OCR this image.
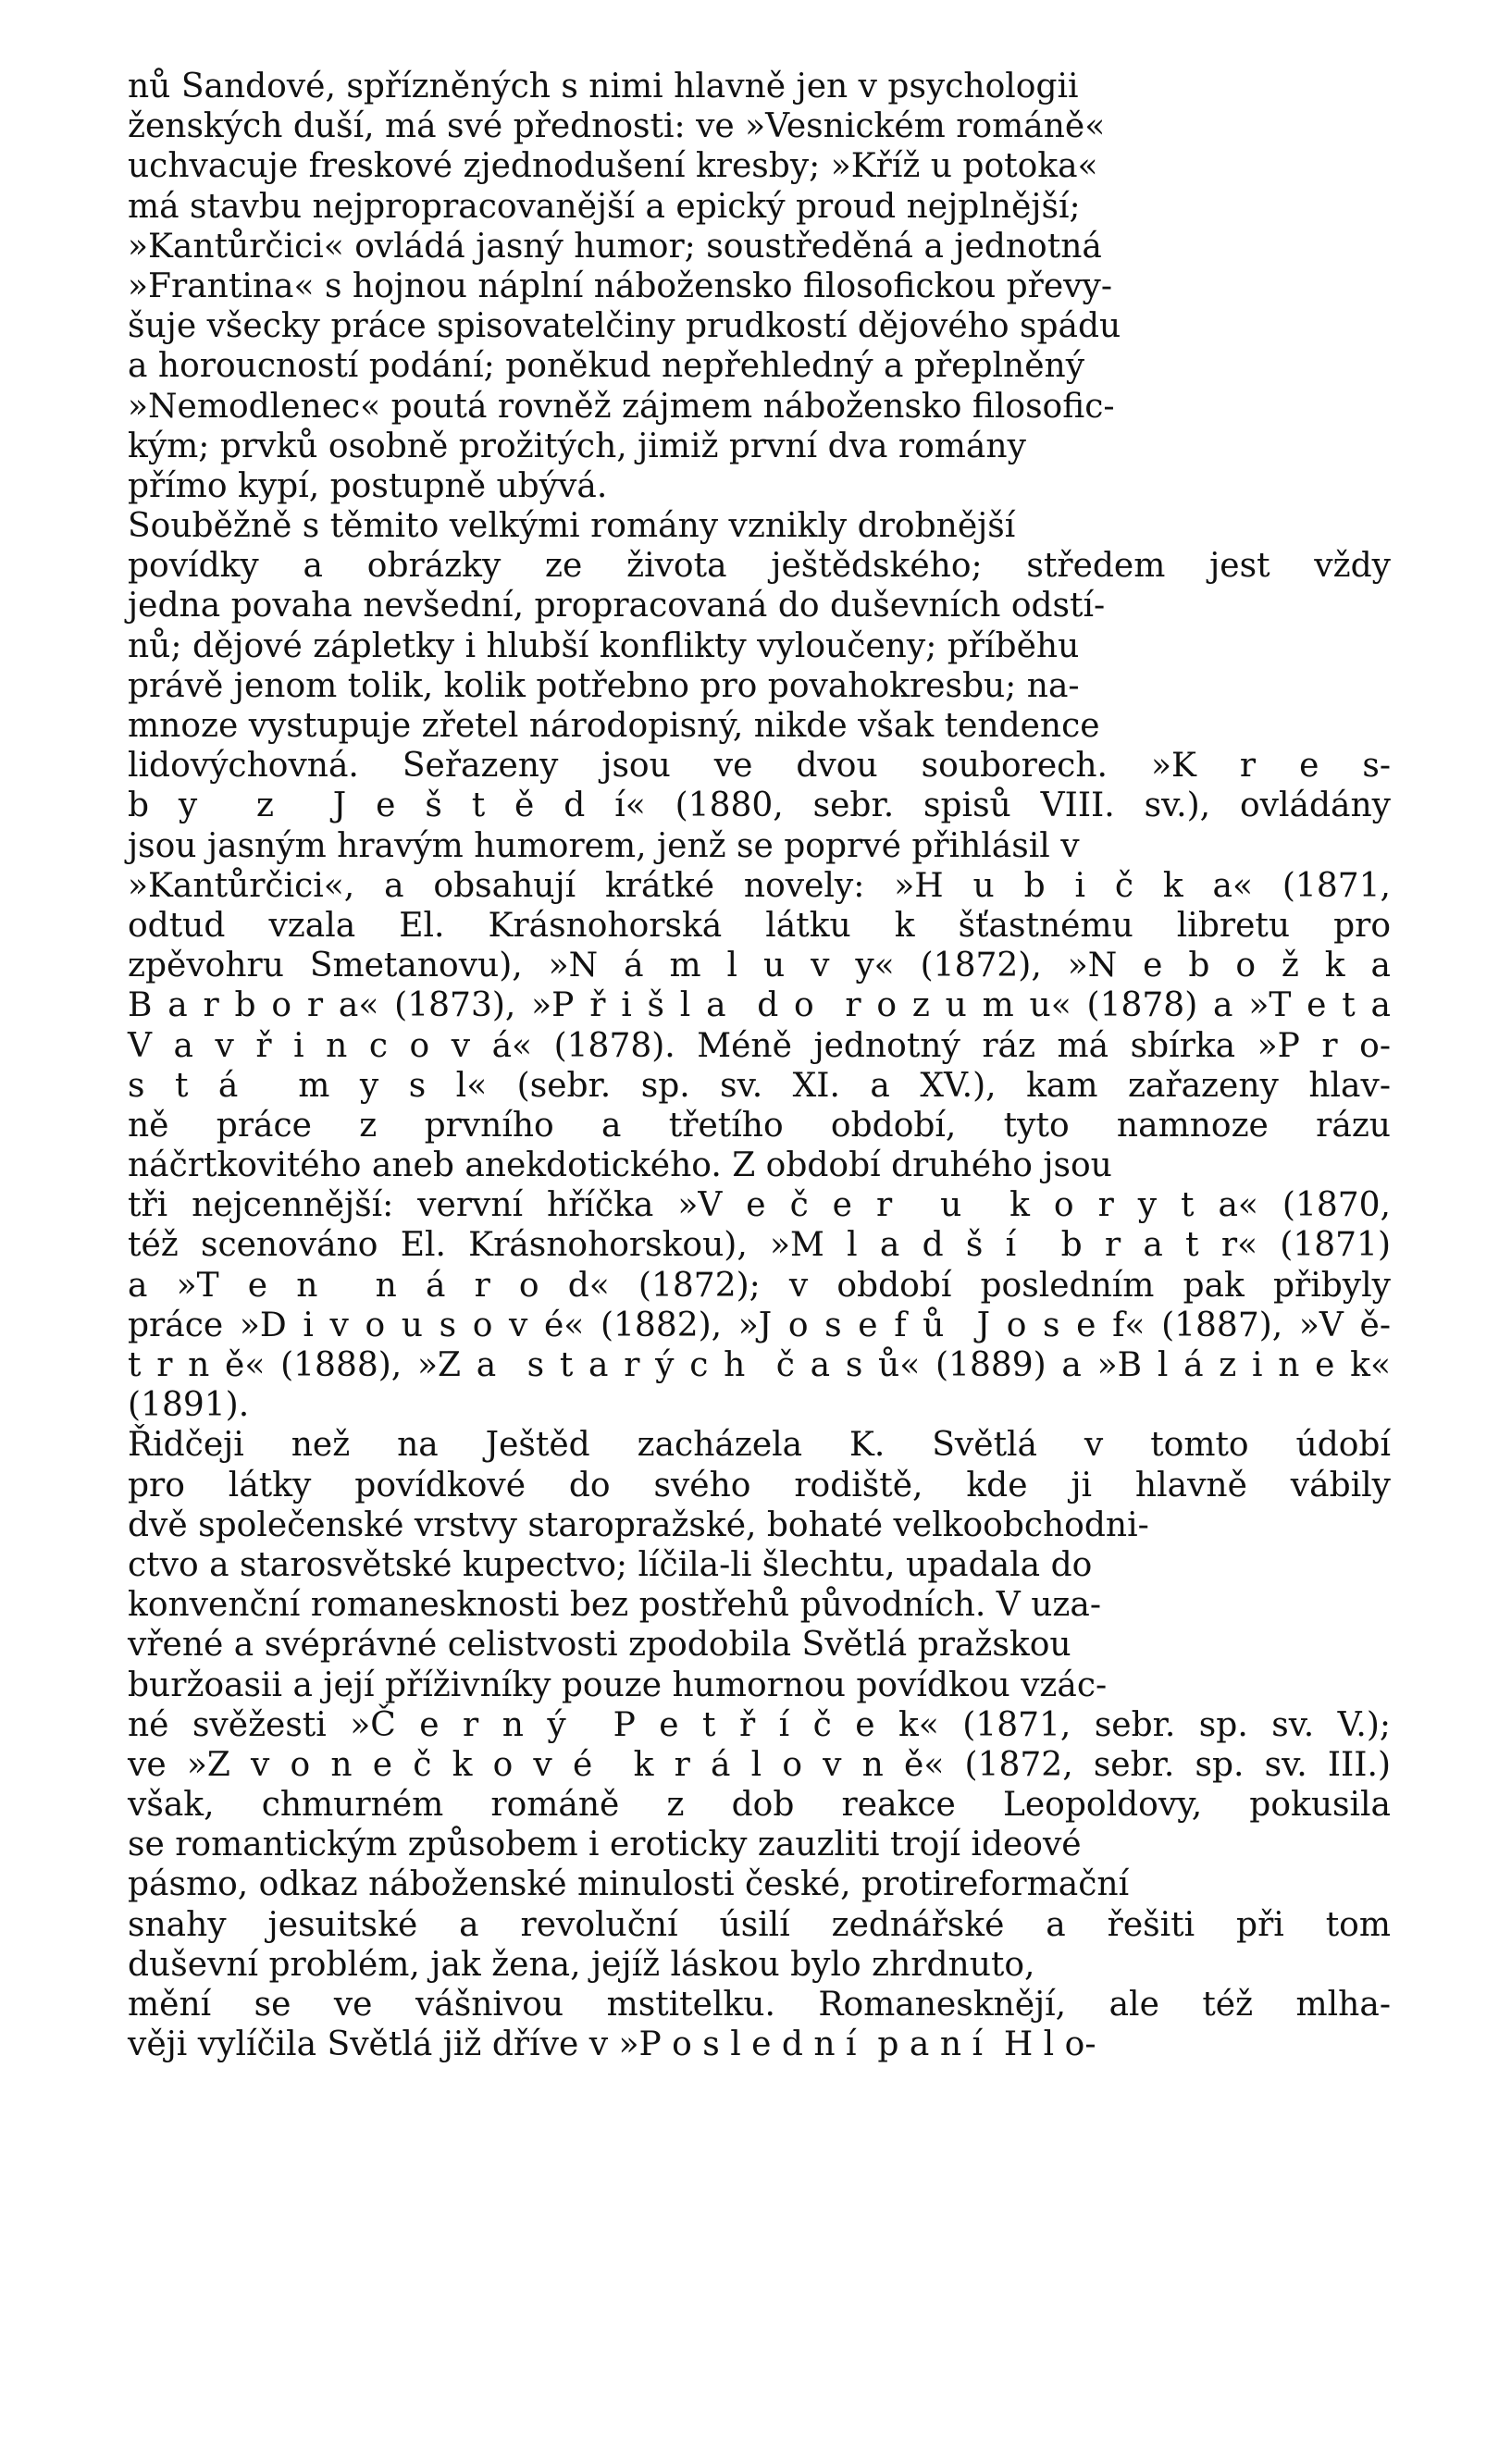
nů Sandové, spřízněných s nimi hlavně jen v psychologii
ženských duší, má své přednosti: ve »Vesnickém románě«
uchvacuje freskové zjednodušení kresby; »Kříž u potoka«
má stavbu nejpropracovanější a epický proud nejplnější;
»Kantůrčici« ovládá jasný humor; soustředěná a jednotná
»Frantina« s hojnou náplní nábožensko filosofickou převy-
šuje všecky práce spisovatelčiny prudkostí dějového spádu
a horoucností podání; poněkud nepřehledný a přeplněný
»Nemodlenec« poutá rovněž zájmem nábožensko filosofic-
kým; prvků osobně prožitých, jimiž první dva romány
přímo kypí, postupně ubývá.
Souběžně s těmito velkými romány vznikly drobnější
povídky a obrázky ze života ještědského; středem jest vždy
jedna povaha nevšední, propracovaná do duševních odstí-
nů; dějové zápletky i hlubší konflikty vyloučeny; příběhu
právě jenom tolik, kolik potřebno pro povahokresbu; na-
mnoze vystupuje zřetel národopisný, nikde však tendence
lidovýchovná. Seřazeny jsou ve dvou souborech. »K r e s-
b y  z  J e š t ě d í« (1880, sebr. spisů VIII. sv.), ovládány
jsou jasným hravým humorem, jenž se poprvé přihlásil v
»Kantůrčici«, a obsahují krátké novely: »H u b i č k a« (1871,
odtud vzala El. Krásnohorská látku k šťastnému libretu pro
zpěvohru Smetanovu), »N á m l u v y« (1872), »N e b o ž k a
B a r b o r a« (1873), »P ř i š l a  d o  r o z u m u« (1878) a »T e t a
V a v ř i n c o v á« (1878). Méně jednotný ráz má sbírka »P r o-
s t á  m y s l« (sebr. sp. sv. XI. a XV.), kam zařazeny hlav-
ně práce z prvního a třetího období, tyto namnoze rázu
náčrtkovitého aneb anekdotického. Z období druhého jsou
tři nejcennější: vervní hříčka »V e č e r  u  k o r y t a« (1870,
též scenováno El. Krásnohorskou), »M l a d š í  b r a t r« (1871)
a »T e n  n á r o d« (1872); v období posledním pak přibyly
práce »D i v o u s o v é« (1882), »J o s e f ů  J o s e f« (1887), »V ě-
t r n ě« (1888), »Z a  s t a r ý c h  č a s ů« (1889) a »B l á z i n e k«
(1891).
Řidčeji než na Ještěd zacházela K. Světlá v tomto údobí
pro látky povídkové do svého rodiště, kde ji hlavně vábily
dvě společenské vrstvy staropražské, bohaté velkoobchodni-
ctvo a starosvětské kupectvo; líčila-li šlechtu, upadala do
konvenční romanesknosti bez postřehů původních. V uza-
vřené a svéprávné celistvosti zpodobila Světlá pražskou
buržoasii a její příživníky pouze humornou povídkou vzác-
né svěžesti »Č e r n ý  P e t ř í č e k« (1871, sebr. sp. sv. V.);
ve »Z v o n e č k o v é  k r á l o v n ě« (1872, sebr. sp. sv. III.)
však, chmurném románě z dob reakce Leopoldovy, pokusila
se romantickým způsobem i eroticky zauzliti trojí ideové
pásmo, odkaz náboženské minulosti české, protireformační
snahy jesuitské a revoluční úsilí zednářské a řešiti při tom
duševní problém, jak žena, jejíž láskou bylo zhrdnuto,
mění se ve vášnivou mstitelku. Romanesknějí, ale též mlha-
věji vylíčila Světlá již dříve v »P o s l e d n í  p a n í  H l o-
